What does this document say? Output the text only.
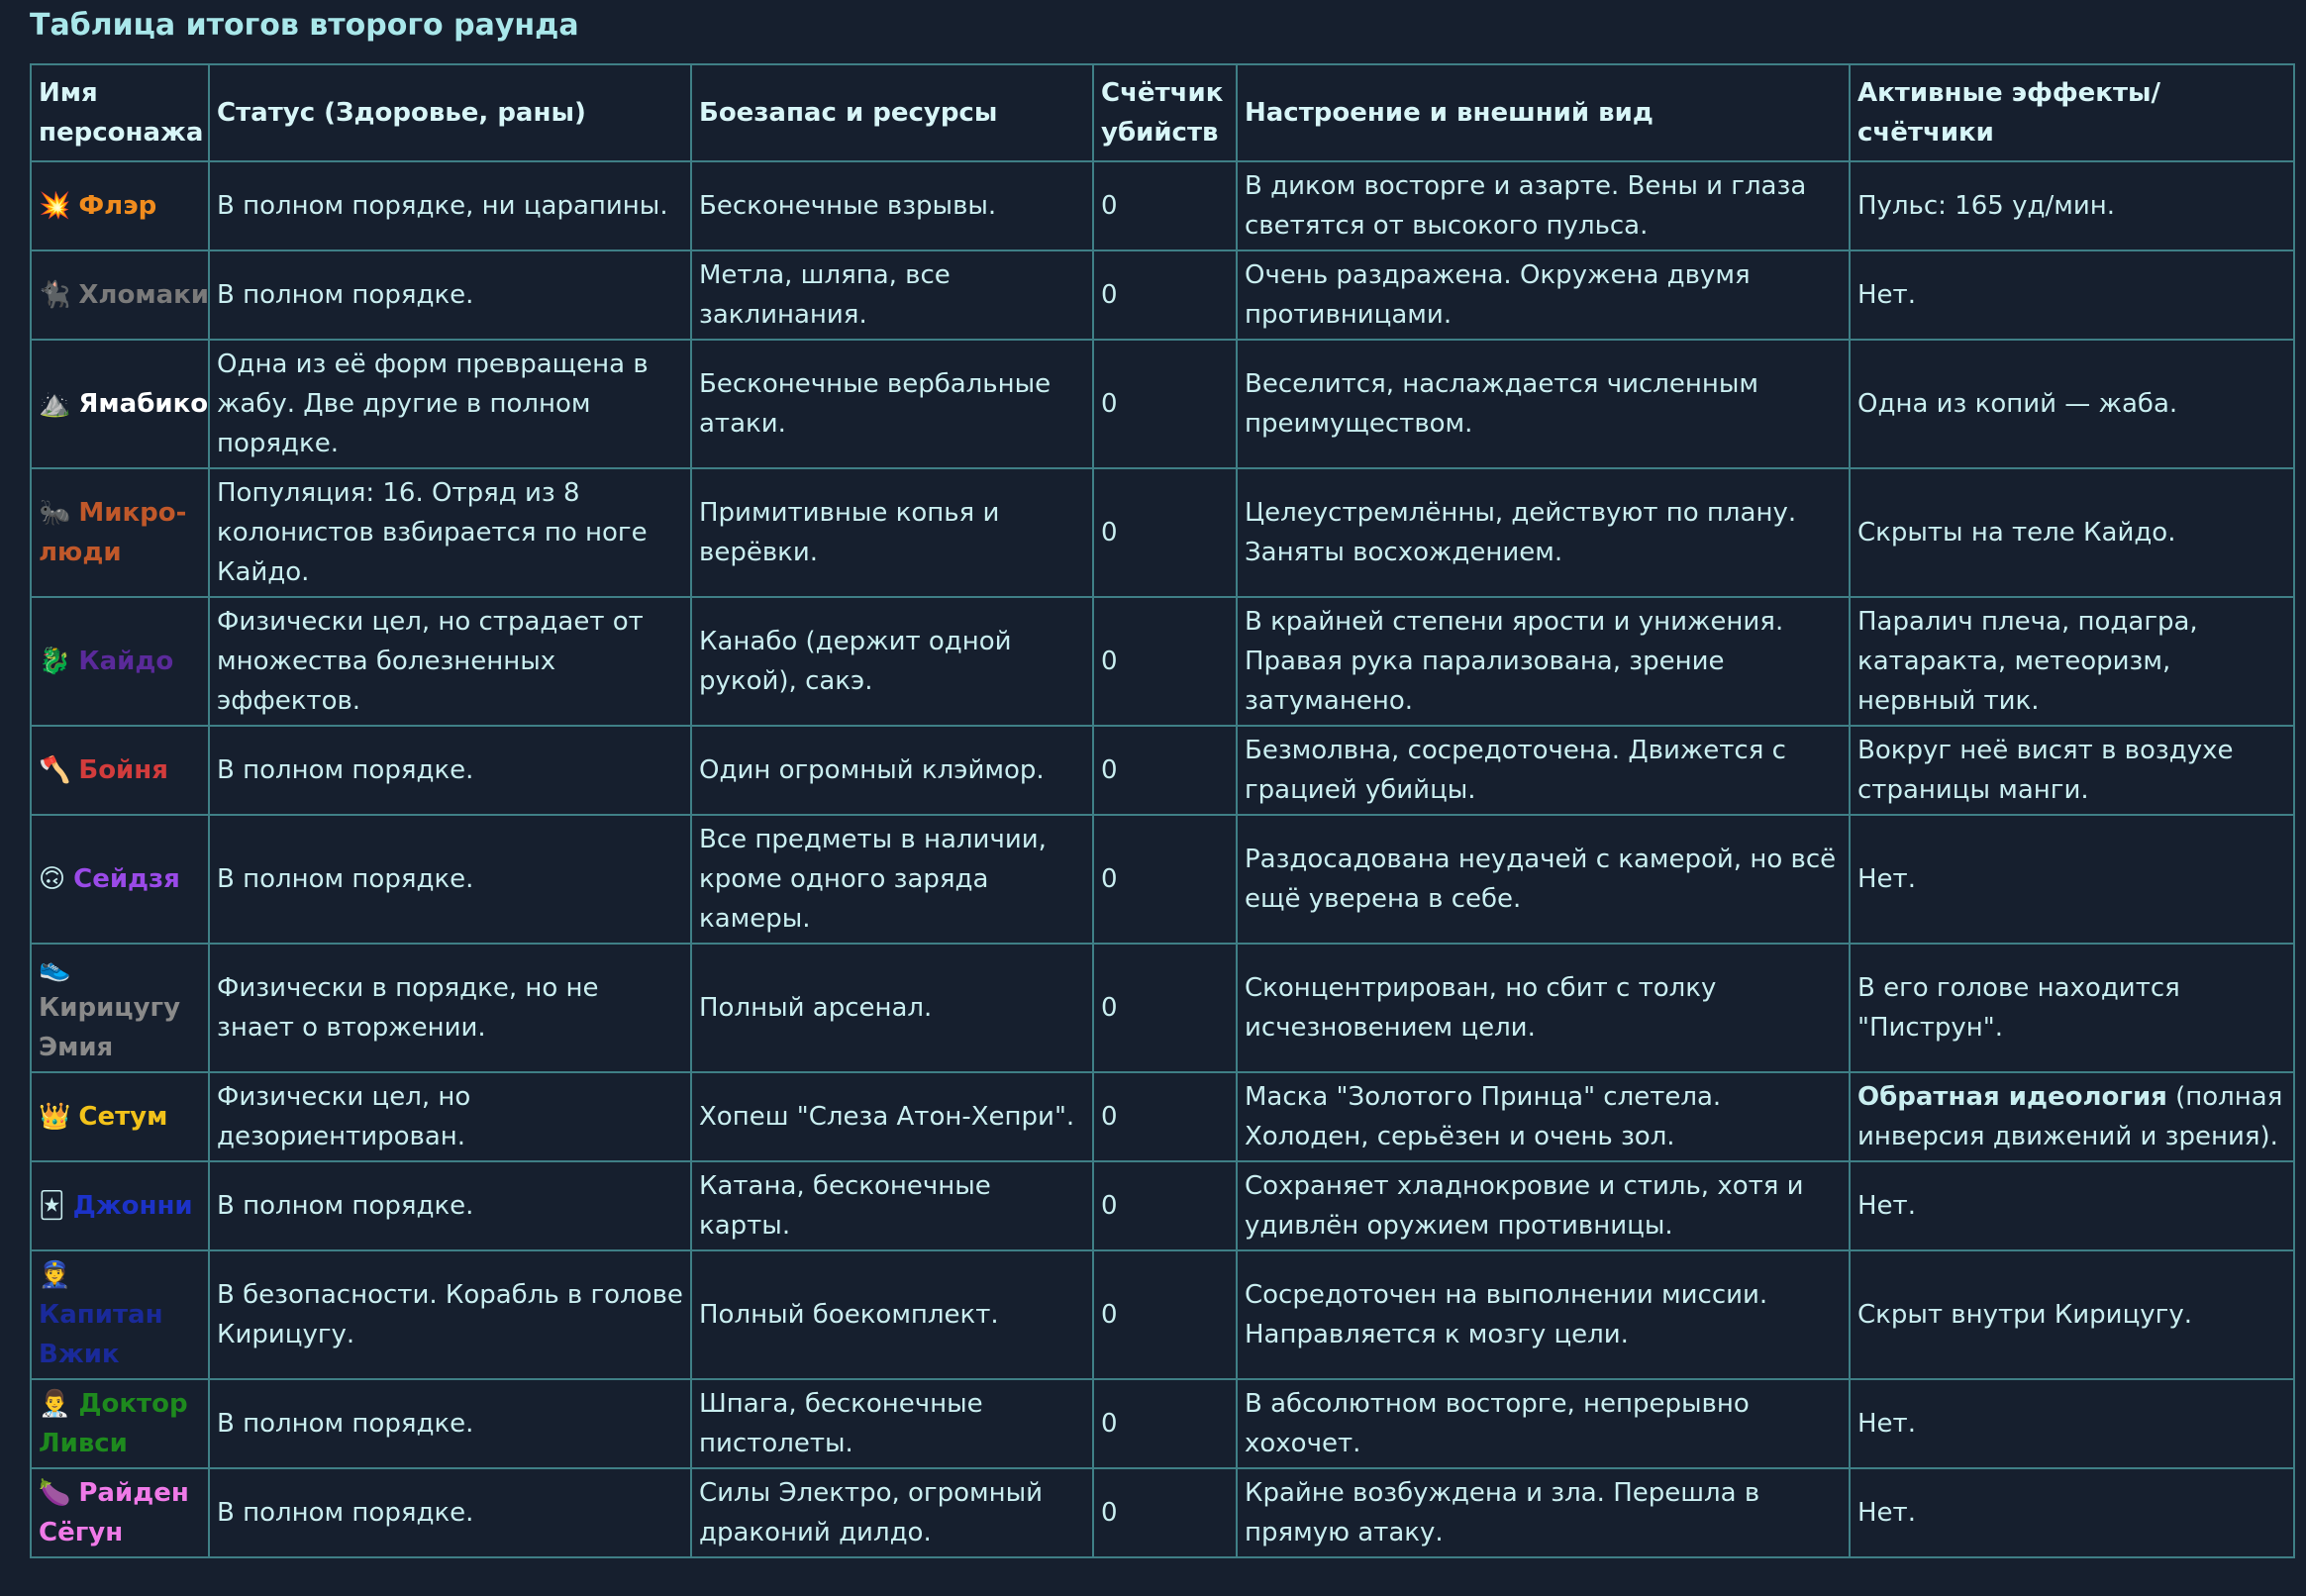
Таблица итогов второго раунда
Имя персонажа	Статус (Здоровье, раны)	Боезапас и ресурсы	Счётчик убийств	Настроение и внешний вид	Активные эффекты/счётчики
💥 Флэр	В полном порядке, ни царапины.	Бесконечные взрывы.	0	В диком восторге и азарте. Вены и глаза светятся от высокого пульса.	Пульс: 165 уд/мин.
🐈‍⬛ Хломаки	В полном порядке.	Метла, шляпа, все заклинания.	0	Очень раздражена. Окружена двумя противницами.	Нет.
⛰️ Ямабико	Одна из её форм превращена в жабу. Две другие в полном порядке.	Бесконечные вербальные атаки.	0	Веселится, наслаждается численным преимуществом.	Одна из копий — жаба.
🐜 Микро-люди	Популяция: 16. Отряд из 8 колонистов взбирается по ноге Кайдо.	Примитивные копья и верёвки.	0	Целеустремлённы, действуют по плану. Заняты восхождением.	Скрыты на теле Кайдо.
🐉 Кайдо	Физически цел, но страдает от множества болезненных эффектов.	Канабо (держит одной рукой), сакэ.	0	В крайней степени ярости и унижения. Правая рука парализована, зрение затуманено.	Паралич плеча, подагра, катаракта, метеоризм, нервный тик.
🪓 Бойня	В полном порядке.	Один огромный клэймор.	0	Безмолвна, сосредоточена. Движется с грацией убийцы.	Вокруг неё висят в воздухе страницы манги.
🙃 Сейдзя	В полном порядке.	Все предметы в наличии, кроме одного заряда камеры.	0	Раздосадована неудачей с камерой, но всё ещё уверена в себе.	Нет.
👟Кирицугу Эмия	Физически в порядке, но не знает о вторжении.	Полный арсенал.	0	Сконцентрирован, но сбит с толку исчезновением цели.	В его голове находится "Пиструн".
👑 Сетум	Физически цел, но дезориентирован.	Хопеш "Слеза Атон-Хепри".	0	Маска "Золотого Принца" слетела. Холоден, серьёзен и очень зол.	Обратная идеология (полная инверсия движений и зрения).
🃏 Джонни	В полном порядке.	Катана, бесконечные карты.	0	Сохраняет хладнокровие и стиль, хотя и удивлён оружием противницы.	Нет.
👮Капитан Вжик	В безопасности. Корабль в голове Кирицугу.	Полный боекомплект.	0	Сосредоточен на выполнении миссии. Направляется к мозгу цели.	Скрыт внутри Кирицугу.
👨‍⚕️ Доктор Ливси	В полном порядке.	Шпага, бесконечные пистолеты.	0	В абсолютном восторге, непрерывно хохочет.	Нет.
🍆 Райден Сёгун	В полном порядке.	Силы Электро, огромный драконий дилдо.	0	Крайне возбуждена и зла. Перешла в прямую атаку.	Нет.
